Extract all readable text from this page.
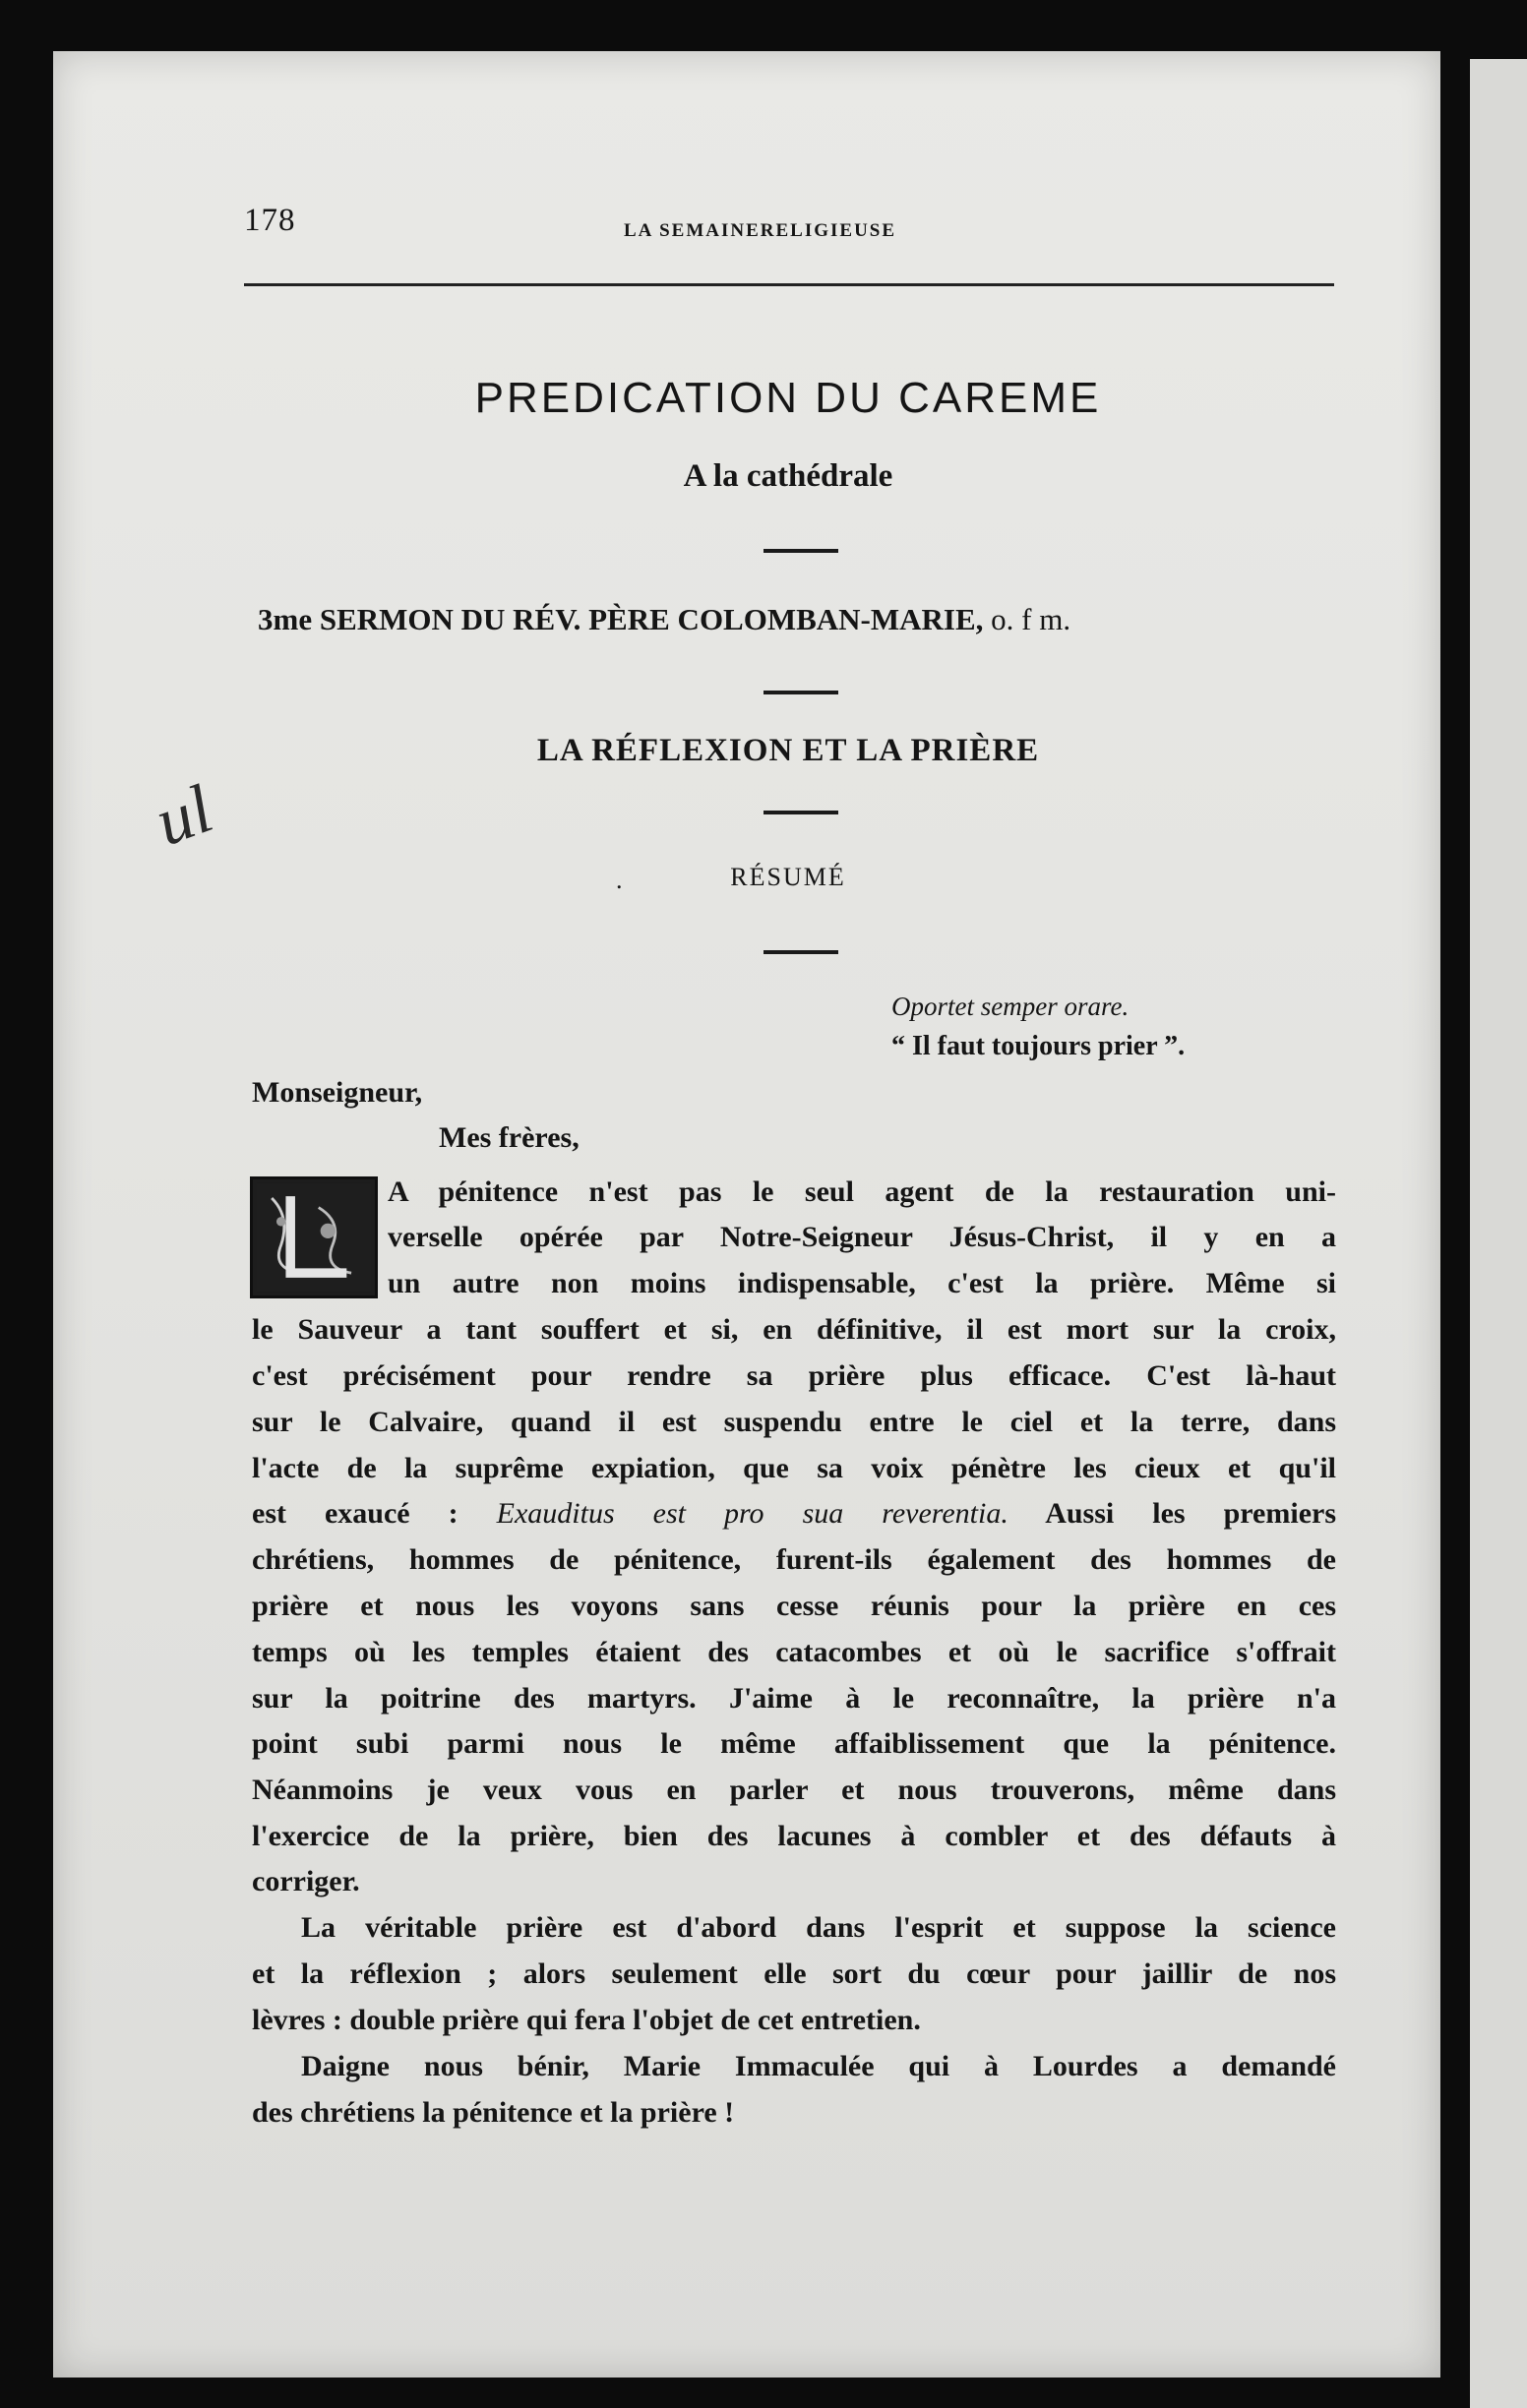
178	LA SEMAINERELIGIEUSE
ul
PREDICATION DU CAREME
A la cathédrale
3me SERMON DU RÉV. PÈRE COLOMBAN-MARIE, o. f m.
LA RÉFLEXION ET LA PRIÈRE
.	RÉSUMÉ
Oportet semper orare.
“ Il faut toujours prier ”.
Monseigneur,
Mes frères,
A pénitence n'est pas le seul agent de la restauration uni-
verselle opérée par Notre-Seigneur Jésus-Christ, il y en a
un autre non moins indispensable, c'est la prière. Même si
le Sauveur a tant souffert et si, en définitive, il est mort sur la croix,
c'est précisément pour rendre sa prière plus efficace. C'est là-haut
sur le Calvaire, quand il est suspendu entre le ciel et la terre, dans
l'acte de la suprême expiation, que sa voix pénètre les cieux et qu'il
est exaucé : Exauditus est pro sua reverentia. Aussi les premiers
chrétiens, hommes de pénitence, furent-ils également des hommes de
prière et nous les voyons sans cesse réunis pour la prière en ces
temps où les temples étaient des catacombes et où le sacrifice s'offrait
sur la poitrine des martyrs. J'aime à le reconnaître, la prière n'a
point subi parmi nous le même affaiblissement que la pénitence.
Néanmoins je veux vous en parler et nous trouverons, même dans
l'exercice de la prière, bien des lacunes à combler et des défauts à
corriger.
La véritable prière est d'abord dans l'esprit et suppose la science
et la réflexion ; alors seulement elle sort du cœur pour jaillir de nos
lèvres : double prière qui fera l'objet de cet entretien.
Daigne nous bénir, Marie Immaculée qui à Lourdes a demandé
des chrétiens la pénitence et la prière !
